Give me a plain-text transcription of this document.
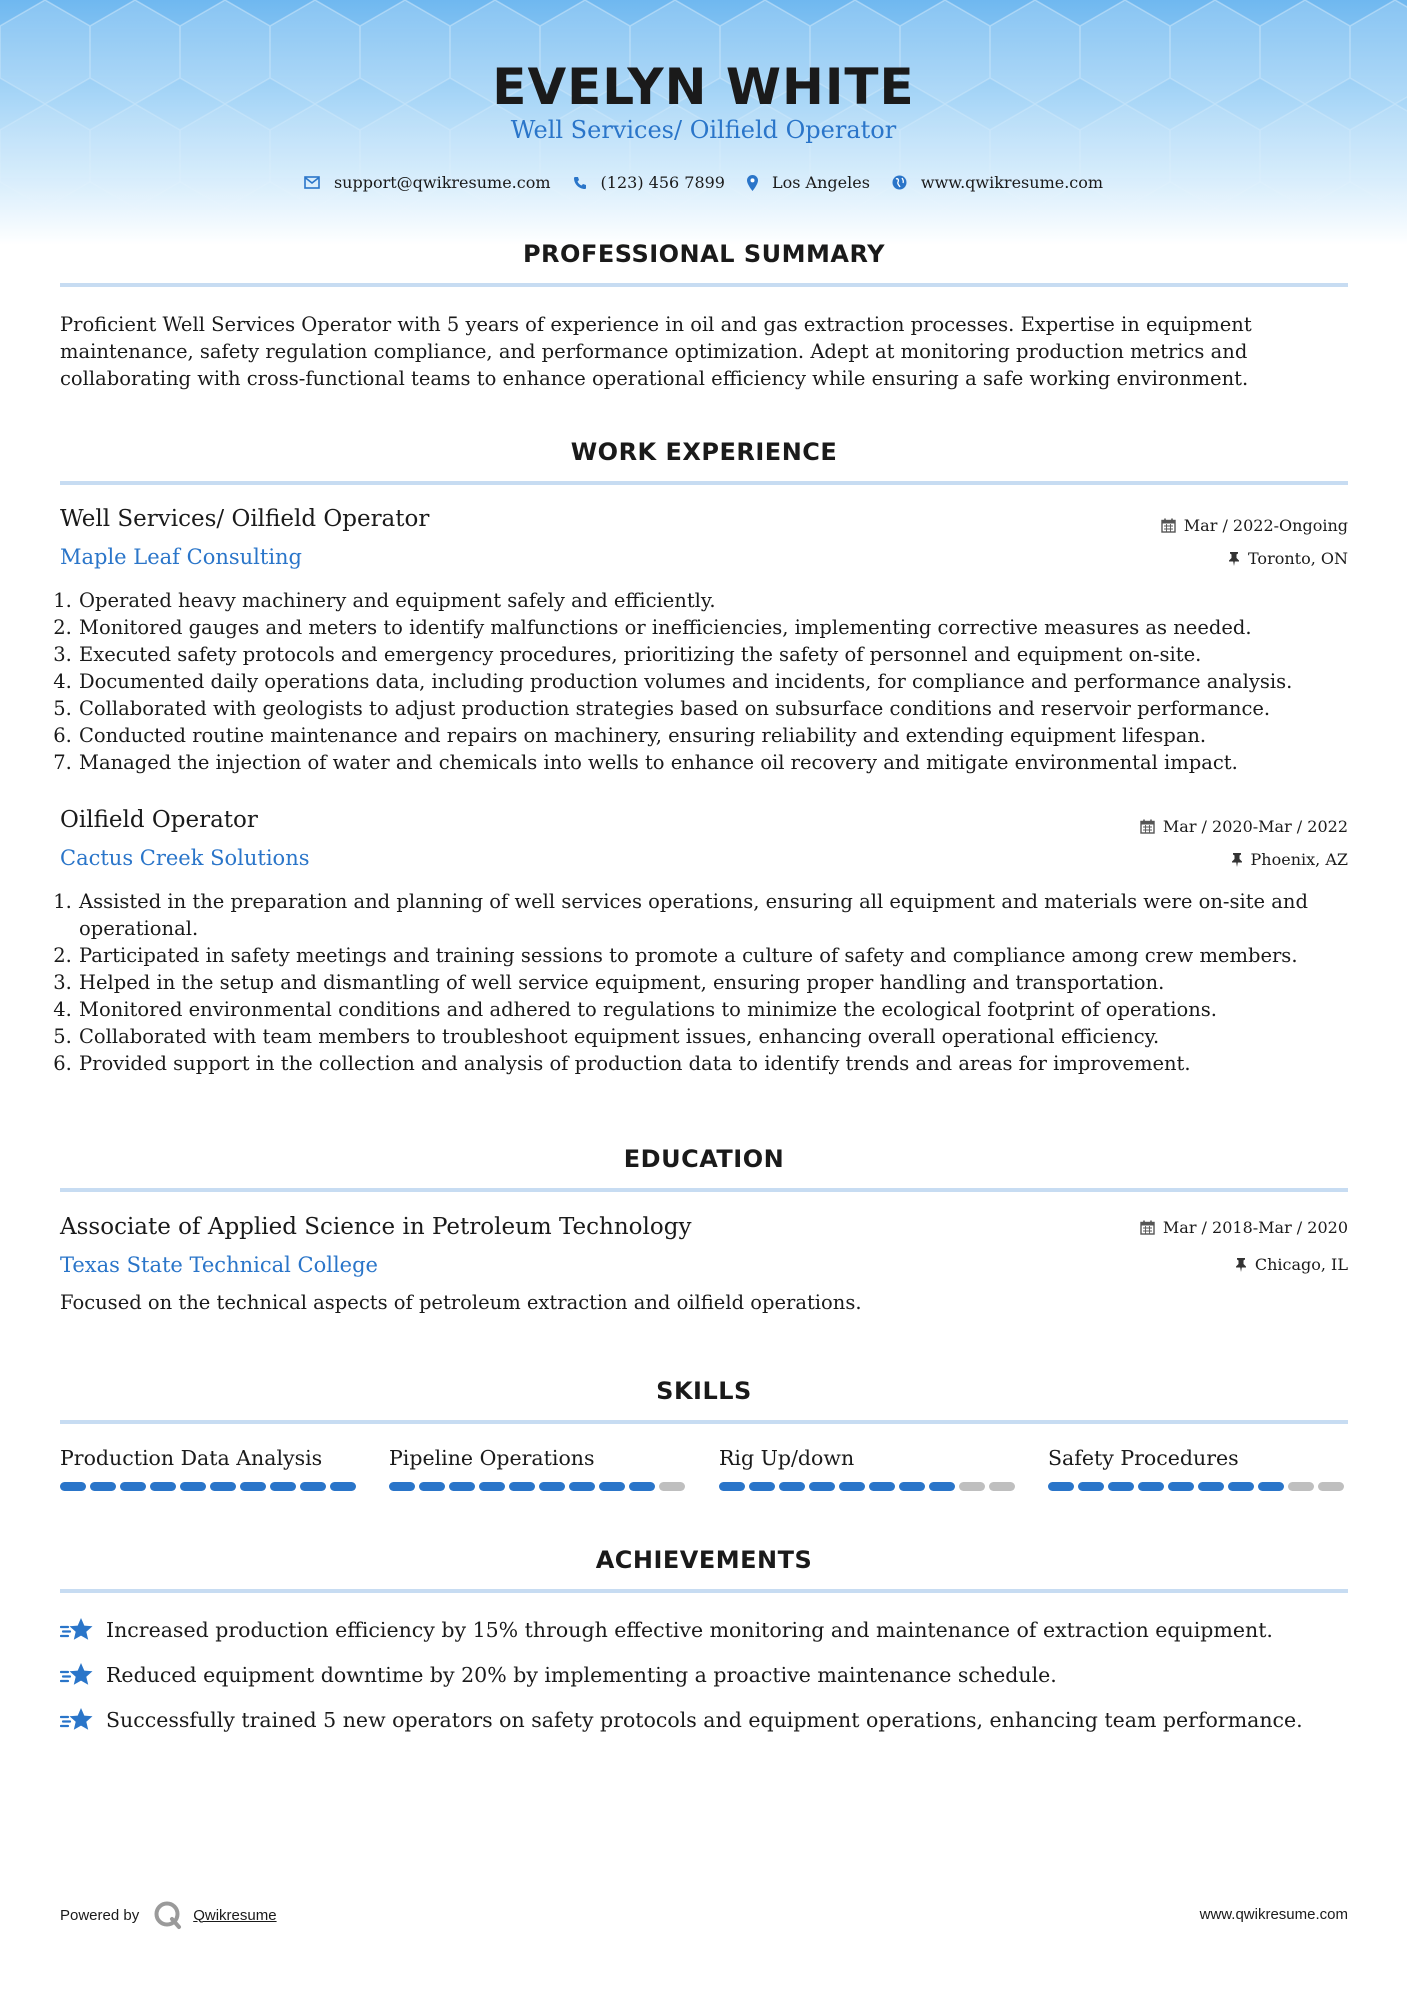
EVELYN WHITE
Well Services/ Oilfield Operator
support@qwikresume.com	(123) 456 7899	Los Angeles	www.qwikresume.com
PROFESSIONAL SUMMARY
Proficient Well Services Operator with 5 years of experience in oil and gas extraction processes. Expertise in equipment maintenance, safety regulation compliance, and performance optimization. Adept at monitoring production metrics and collaborating with cross-functional teams to enhance operational efficiency while ensuring a safe working environment.
WORK EXPERIENCE
Well Services/ Oilfield Operator	Mar / 2022-Ongoing
Maple Leaf Consulting	Toronto, ON
1. Operated heavy machinery and equipment safely and efficiently.
2. Monitored gauges and meters to identify malfunctions or inefficiencies, implementing corrective measures as needed.
3. Executed safety protocols and emergency procedures, prioritizing the safety of personnel and equipment on-site.
4. Documented daily operations data, including production volumes and incidents, for compliance and performance analysis.
5. Collaborated with geologists to adjust production strategies based on subsurface conditions and reservoir performance.
6. Conducted routine maintenance and repairs on machinery, ensuring reliability and extending equipment lifespan.
7. Managed the injection of water and chemicals into wells to enhance oil recovery and mitigate environmental impact.
Oilfield Operator	Mar / 2020-Mar / 2022
Cactus Creek Solutions	Phoenix, AZ
1. Assisted in the preparation and planning of well services operations, ensuring all equipment and materials were on-site and operational.
2. Participated in safety meetings and training sessions to promote a culture of safety and compliance among crew members.
3. Helped in the setup and dismantling of well service equipment, ensuring proper handling and transportation.
4. Monitored environmental conditions and adhered to regulations to minimize the ecological footprint of operations.
5. Collaborated with team members to troubleshoot equipment issues, enhancing overall operational efficiency.
6. Provided support in the collection and analysis of production data to identify trends and areas for improvement.
EDUCATION
Associate of Applied Science in Petroleum Technology	Mar / 2018-Mar / 2020
Texas State Technical College	Chicago, IL
Focused on the technical aspects of petroleum extraction and oilfield operations.
SKILLS
Production Data Analysis	Pipeline Operations	Rig Up/down	Safety Procedures
ACHIEVEMENTS
Increased production efficiency by 15% through effective monitoring and maintenance of extraction equipment.
Reduced equipment downtime by 20% by implementing a proactive maintenance schedule.
Successfully trained 5 new operators on safety protocols and equipment operations, enhancing team performance.
Powered by	Qwikresume	www.qwikresume.com
